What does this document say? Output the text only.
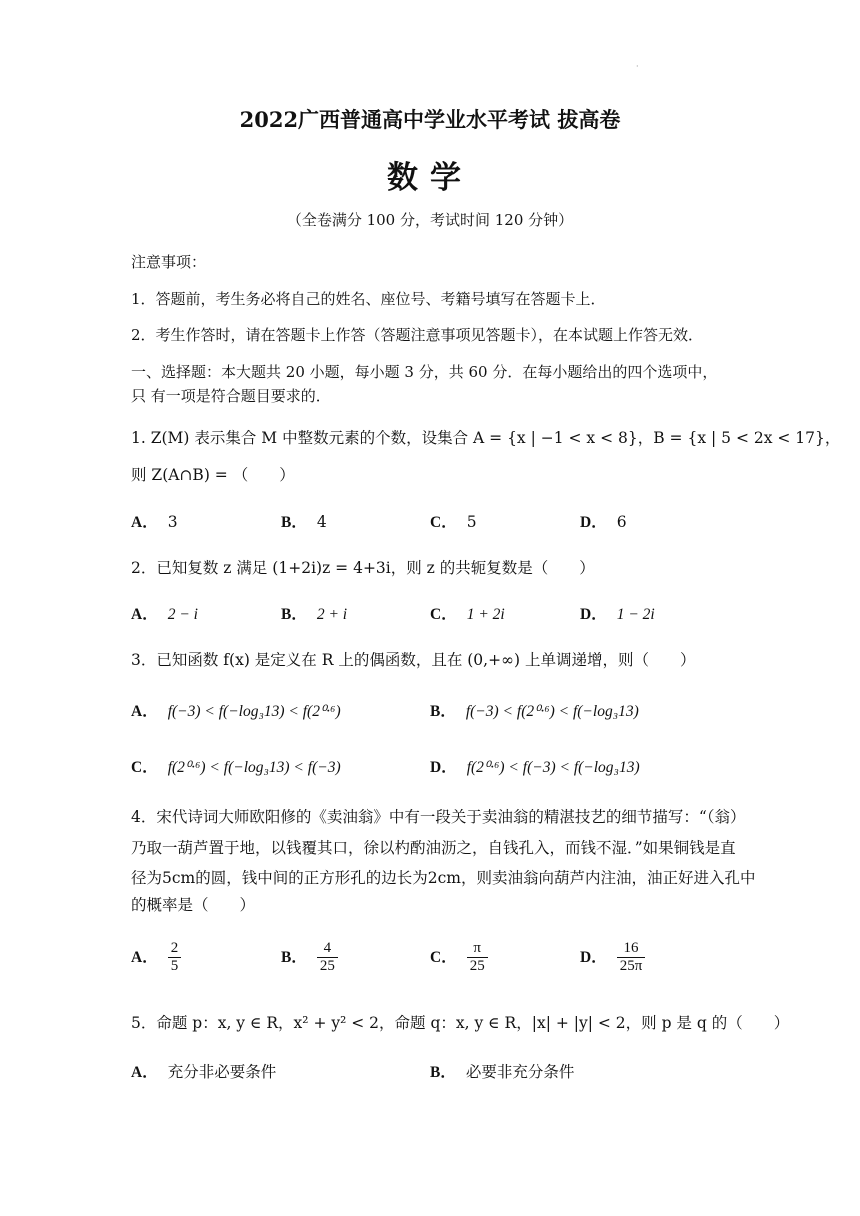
·
2022广西普通高中学业水平考试 拔高卷
数学
（全卷满分 100 分，考试时间 120 分钟）
注意事项：
1．答题前，考生务必将自己的姓名、座位号、考籍号填写在答题卡上．
2．考生作答时，请在答题卡上作答（答题注意事项见答题卡），在本试题上作答无效．
一、选择题：本大题共 20 小题，每小题 3 分，共 60 分．在每小题给出的四个选项中，
只 有一项是符合题目要求的．
1. Z(M) 表示集合 M 中整数元素的个数，设集合 A = {x | −1 < x < 8}，B = {x | 5 < 2x < 17}，
则 Z(A∩B) = （　　）
A． 3	B． 4	C． 5	D． 6
2．已知复数 z 满足 (1+2i)z = 4+3i，则 z 的共轭复数是（　　）
A． 2 − i	B． 2 + i	C． 1 + 2i	D． 1 − 2i
3．已知函数 f(x) 是定义在 R 上的偶函数，且在 (0,+∞) 上单调递增，则（　　）
A． f(−3) < f(−log₃13) < f(2⁰·⁶)	B． f(−3) < f(2⁰·⁶) < f(−log₃13)
C． f(2⁰·⁶) < f(−log₃13) < f(−3)	D． f(2⁰·⁶) < f(−3) < f(−log₃13)
4．宋代诗词大师欧阳修的《卖油翁》中有一段关于卖油翁的精湛技艺的细节描写：“（翁）
乃取一葫芦置于地，以钱覆其口，徐以杓酌油沥之，自钱孔入，而钱不湿．”如果铜钱是直
径为5cm的圆，钱中间的正方形孔的边长为2cm，则卖油翁向葫芦内注油，油正好进入孔中
的概率是（　　）
A． $\frac{2}{5}$	B． $\frac{4}{25}$	C． $\frac{\pi}{25}$	D． $\frac{16}{25\pi}$
5．命题 p：x, y ∈ R，x² + y² < 2，命题 q：x, y ∈ R，|x| + |y| < 2，则 p 是 q 的（　　）
A． 充分非必要条件	B． 必要非充分条件
